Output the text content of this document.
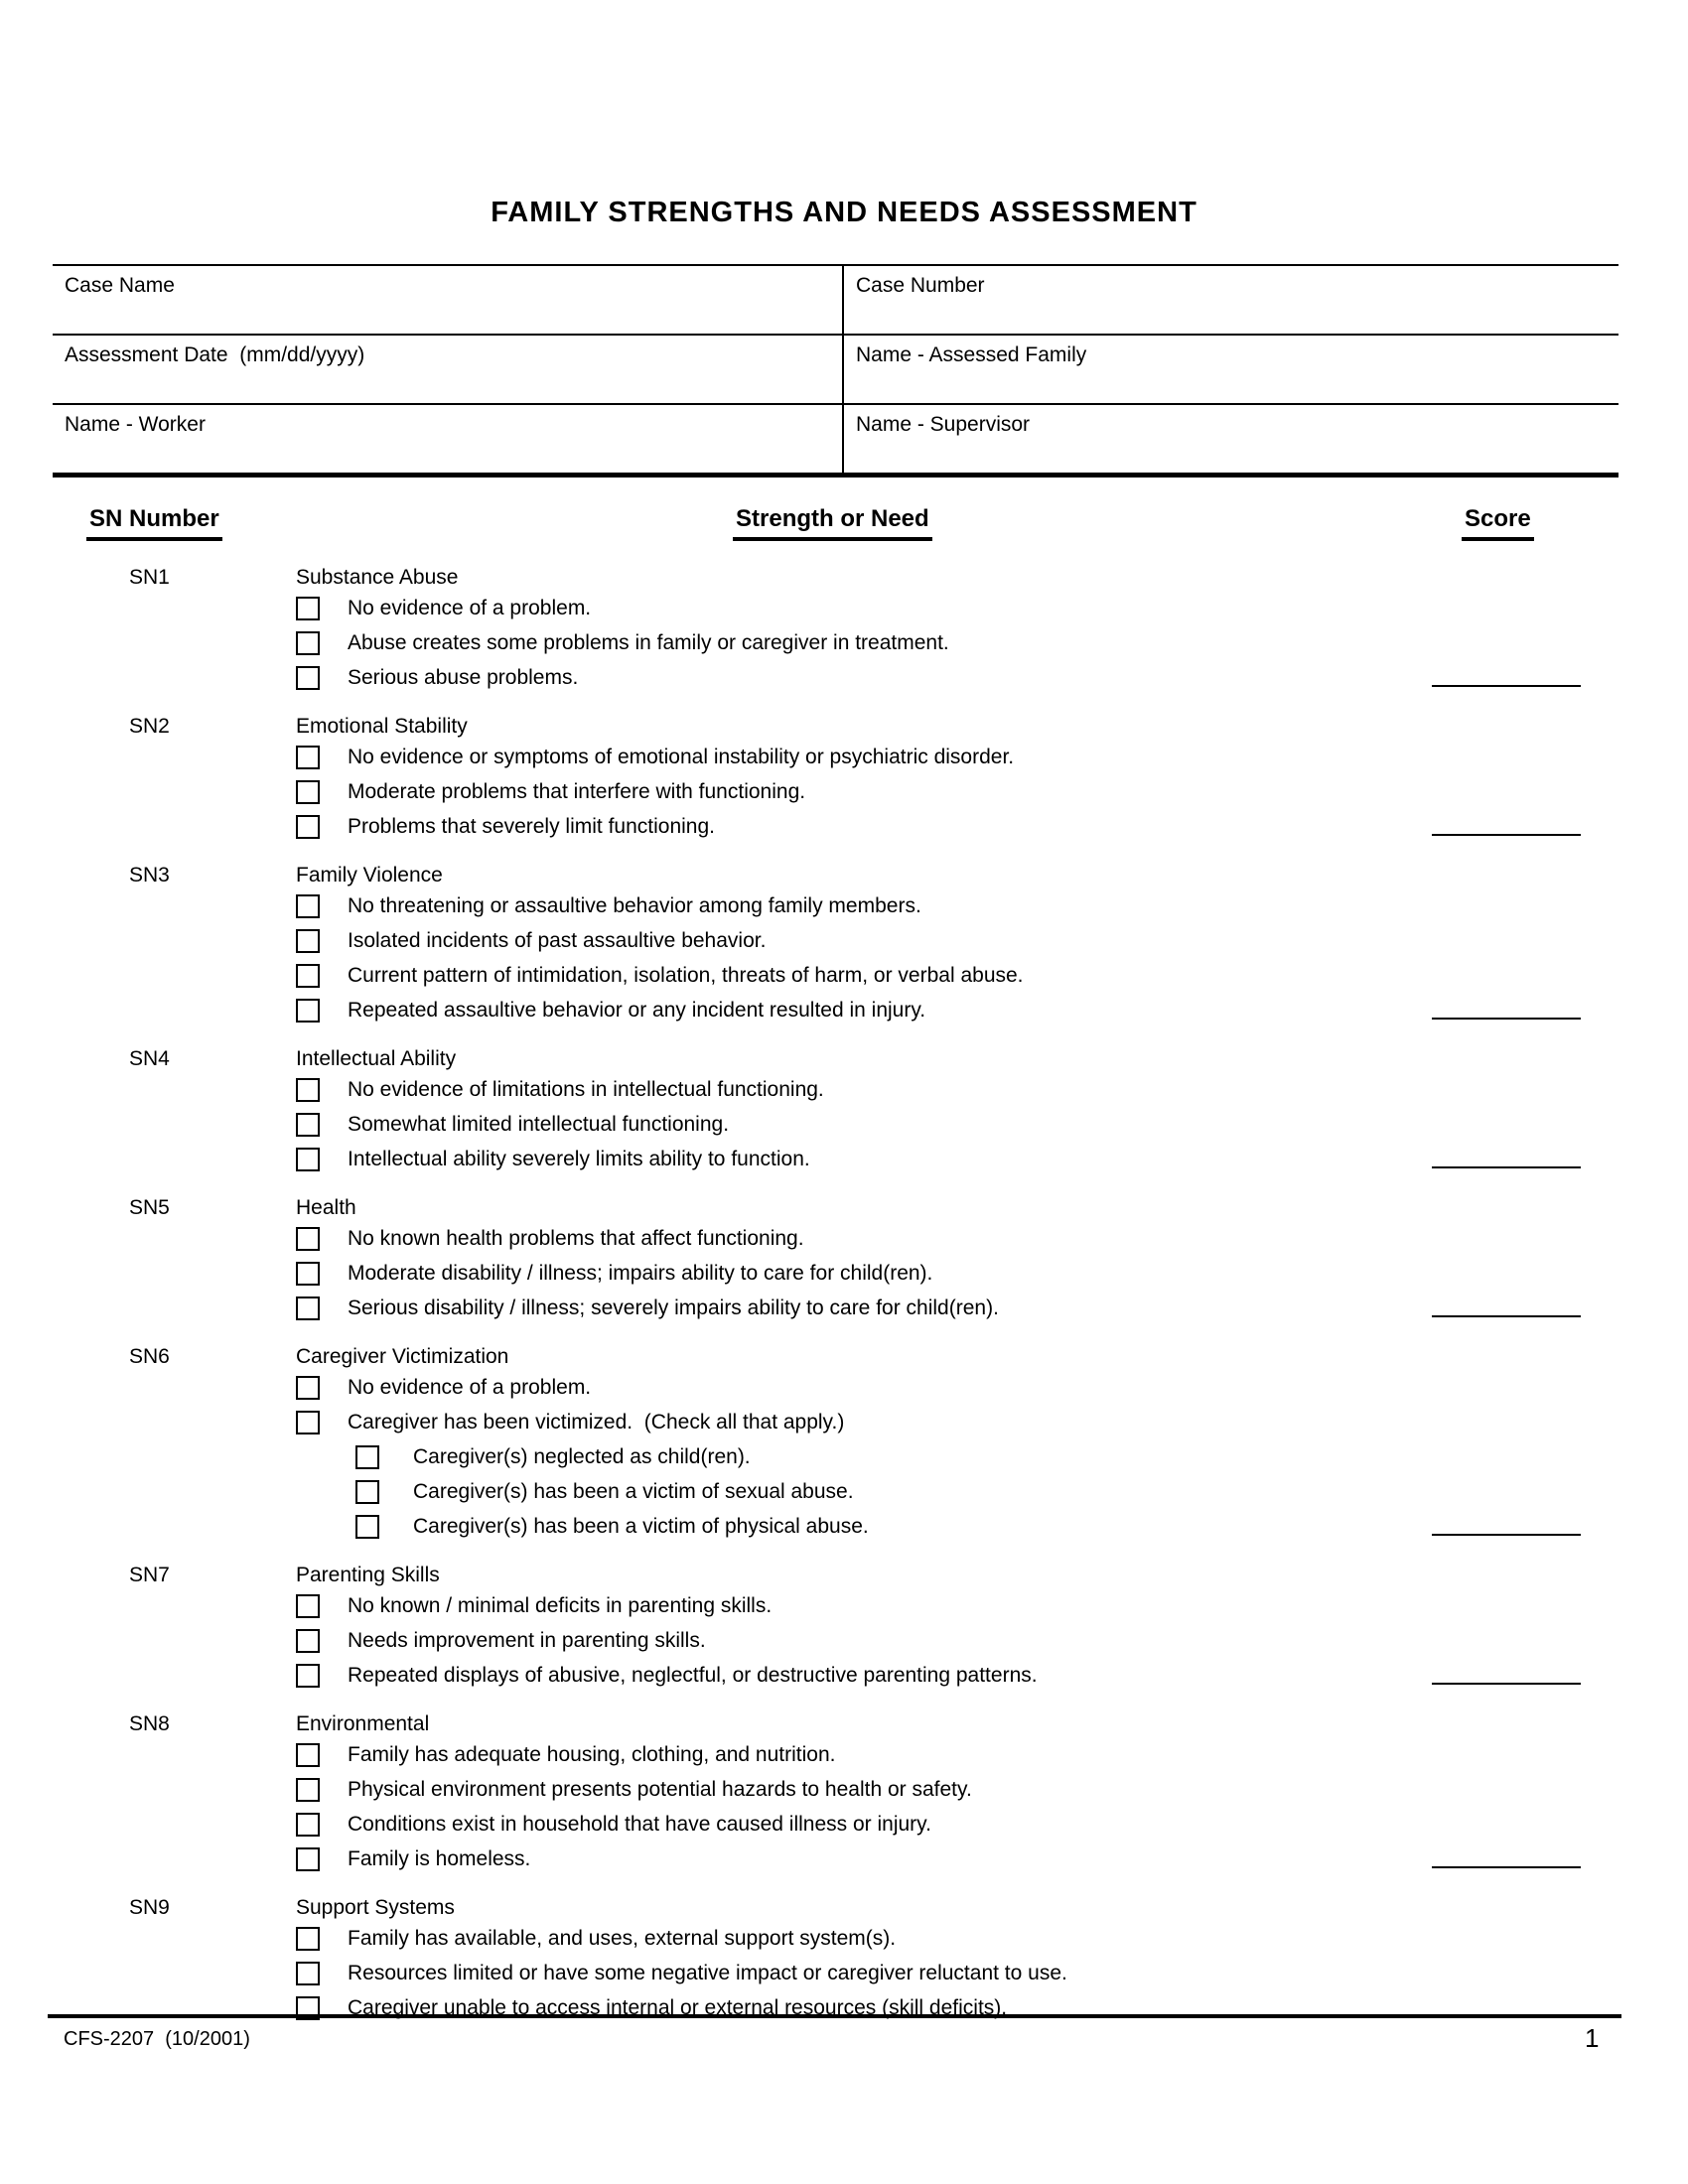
FAMILY STRENGTHS AND NEEDS ASSESSMENT
Case Name	Case Number
Assessment Date  (mm/dd/yyyy)	Name - Assessed Family
Name - Worker	Name - Supervisor
SN Number	Strength or Need	Score
SN1	Substance Abuse
No evidence of a problem.
Abuse creates some problems in family or caregiver in treatment.
Serious abuse problems.
SN2	Emotional Stability
No evidence or symptoms of emotional instability or psychiatric disorder.
Moderate problems that interfere with functioning.
Problems that severely limit functioning.
SN3	Family Violence
No threatening or assaultive behavior among family members.
Isolated incidents of past assaultive behavior.
Current pattern of intimidation, isolation, threats of harm, or verbal abuse.
Repeated assaultive behavior or any incident resulted in injury.
SN4	Intellectual Ability
No evidence of limitations in intellectual functioning.
Somewhat limited intellectual functioning.
Intellectual ability severely limits ability to function.
SN5	Health
No known health problems that affect functioning.
Moderate disability / illness; impairs ability to care for child(ren).
Serious disability / illness; severely impairs ability to care for child(ren).
SN6	Caregiver Victimization
No evidence of a problem.
Caregiver has been victimized.  (Check all that apply.)
Caregiver(s) neglected as child(ren).
Caregiver(s) has been a victim of sexual abuse.
Caregiver(s) has been a victim of physical abuse.
SN7	Parenting Skills
No known / minimal deficits in parenting skills.
Needs improvement in parenting skills.
Repeated displays of abusive, neglectful, or destructive parenting patterns.
SN8	Environmental
Family has adequate housing, clothing, and nutrition.
Physical environment presents potential hazards to health or safety.
Conditions exist in household that have caused illness or injury.
Family is homeless.
SN9	Support Systems
Family has available, and uses, external support system(s).
Resources limited or have some negative impact or caregiver reluctant to use.
Caregiver unable to access internal or external resources (skill deficits).
CFS-2207  (10/2001)	1
